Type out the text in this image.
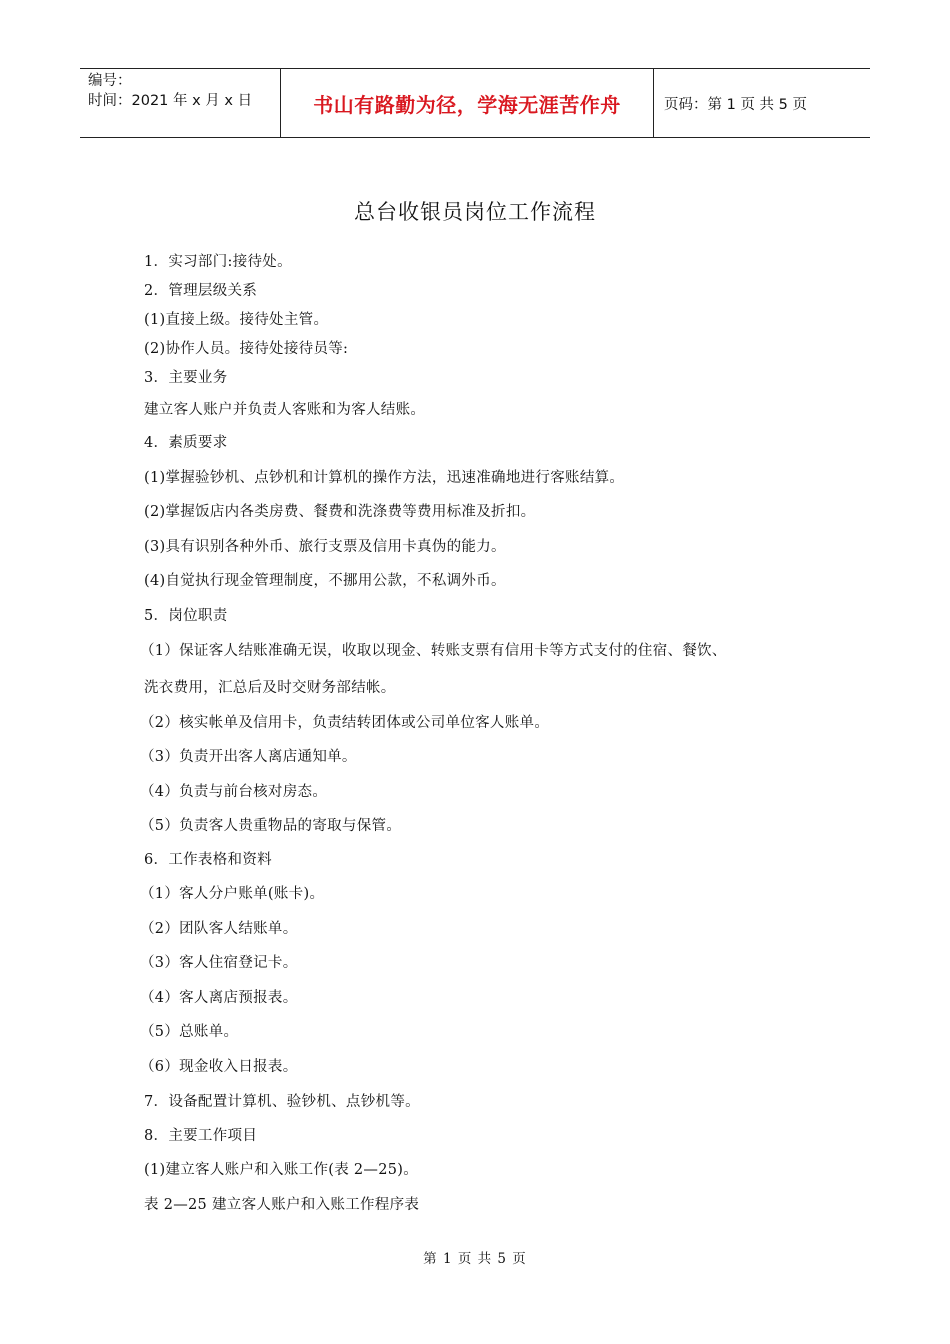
编号：
时间：2021 年 x 月 x 日	书山有路勤为径，学海无涯苦作舟	页码：第 1 页 共 5 页
总台收银员岗位工作流程
1．实习部门:接待处。
2．管理层级关系
(1)直接上级。接待处主管。
(2)协作人员。接待处接待员等:
3．主要业务
建立客人账户并负责人客账和为客人结账。
4．素质要求
(1)掌握验钞机、点钞机和计算机的操作方法，迅速准确地进行客账结算。
(2)掌握饭店内各类房费、餐费和洗涤费等费用标准及折扣。
(3)具有识别各种外币、旅行支票及信用卡真伪的能力。
(4)自觉执行现金管理制度，不挪用公款，不私调外币。
5．岗位职责
（1）保证客人结账准确无误，收取以现金、转账支票有信用卡等方式支付的住宿、餐饮、
洗衣费用，汇总后及时交财务部结帐。
（2）核实帐单及信用卡，负责结转团体或公司单位客人账单。
（3）负责开出客人离店通知单。
（4）负责与前台核对房态。
（5）负责客人贵重物品的寄取与保管。
6．工作表格和资料
（1）客人分户账单(账卡)。
（2）团队客人结账单。
（3）客人住宿登记卡。
（4）客人离店预报表。
（5）总账单。
（6）现金收入日报表。
7．设备配置计算机、验钞机、点钞机等。
8．主要工作项目
(1)建立客人账户和入账工作(表 2—25)。
表 2—25 建立客人账户和入账工作程序表
第 1 页 共 5 页
